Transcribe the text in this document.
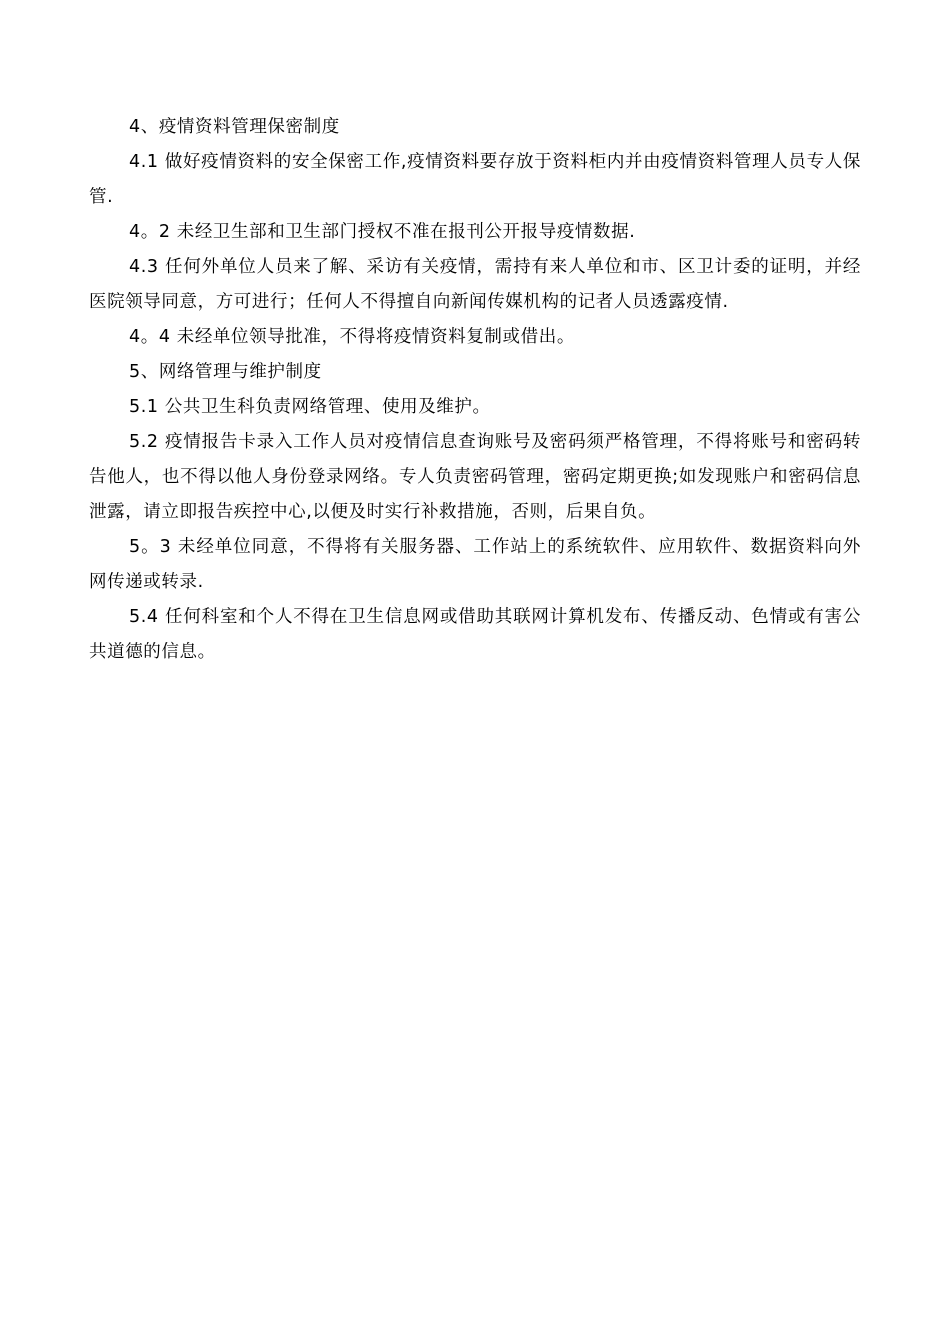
4、疫情资料管理保密制度

4.1 做好疫情资料的安全保密工作,疫情资料要存放于资料柜内并由疫情资料管理人员专人保管.

4。2 未经卫生部和卫生部门授权不准在报刊公开报导疫情数据.

4.3 任何外单位人员来了解、采访有关疫情，需持有来人单位和市、区卫计委的证明，并经医院领导同意，方可进行；任何人不得擅自向新闻传媒机构的记者人员透露疫情.

4。4 未经单位领导批准，不得将疫情资料复制或借出。

5、网络管理与维护制度

5.1 公共卫生科负责网络管理、使用及维护。

5.2 疫情报告卡录入工作人员对疫情信息查询账号及密码须严格管理，不得将账号和密码转告他人，也不得以他人身份登录网络。专人负责密码管理，密码定期更换;如发现账户和密码信息泄露，请立即报告疾控中心,以便及时实行补救措施，否则，后果自负。

5。3 未经单位同意，不得将有关服务器、工作站上的系统软件、应用软件、数据资料向外网传递或转录.

5.4 任何科室和个人不得在卫生信息网或借助其联网计算机发布、传播反动、色情或有害公共道德的信息。
